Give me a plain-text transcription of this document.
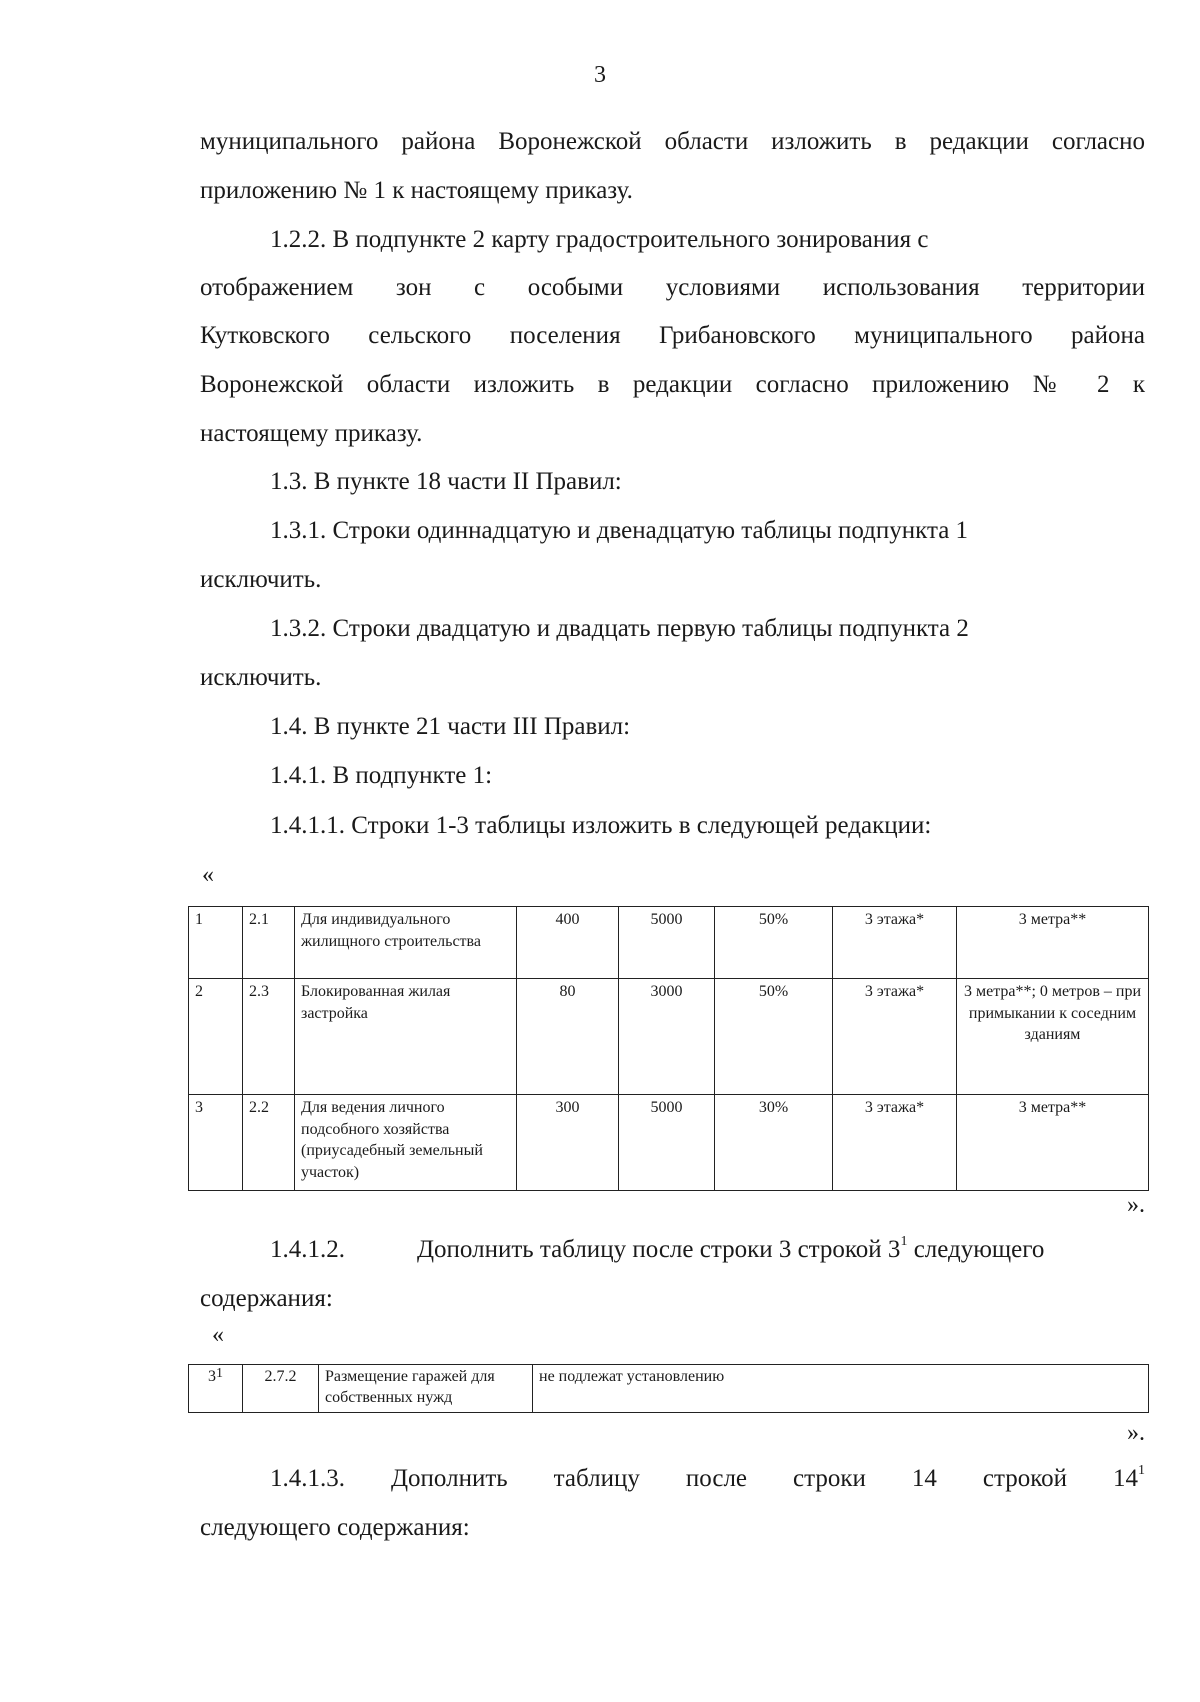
3
муниципального района Воронежской области изложить в редакции согласно
приложению № 1 к настоящему приказу.
1.2.2. В подпункте 2 карту градостроительного зонирования с
отображением зон с особыми условиями использования территории
Кутковского сельского поселения Грибановского муниципального района
Воронежской области изложить в редакции согласно приложению № 2 к
настоящему приказу.
1.3. В пункте 18 части II Правил:
1.3.1. Строки одиннадцатую и двенадцатую таблицы подпункта 1
исключить.
1.3.2. Строки двадцатую и двадцать первую таблицы подпункта 2
исключить.
1.4. В пункте 21 части III Правил:
1.4.1. В подпункте 1:
1.4.1.1. Строки 1-3 таблицы изложить в следующей редакции:
«
1	2.1	Для индивидуального жилищного строительства	400	5000	50%	3 этажа*	3 метра**
2	2.3	Блокированная жилая застройка	80	3000	50%	3 этажа*	3 метра**; 0 метров – при примыкании к соседним зданиям
3	2.2	Для ведения личного подсобного хозяйства (приусадебный земельный участок)	300	5000	30%	3 этажа*	3 метра**
».
1.4.1.2.	Дополнить таблицу после строки 3 строкой $3^1$ следующего
содержания:
«
$3^1$	2.7.2	Размещение гаражей для собственных нужд	не подлежат установлению
».
1.4.1.3. Дополнить таблицу после строки 14 строкой $14^1$
следующего содержания:
